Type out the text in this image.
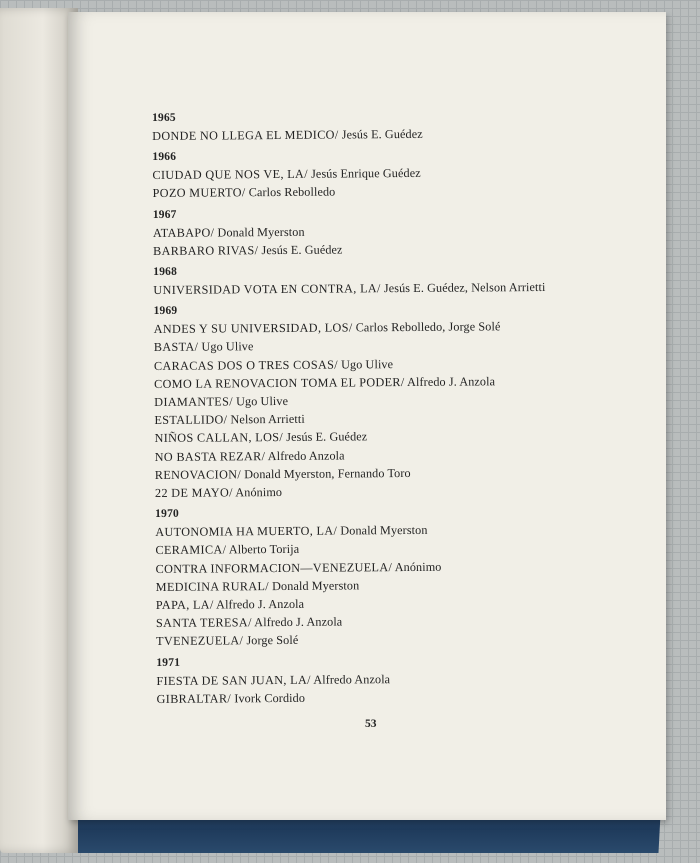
1965
DONDE NO LLEGA EL MEDICO/ Jesús E. Guédez
1966
CIUDAD QUE NOS VE, LA/ Jesús Enrique Guédez
POZO MUERTO/ Carlos Rebolledo
1967
ATABAPO/ Donald Myerston
BARBARO RIVAS/ Jesús E. Guédez
1968
UNIVERSIDAD VOTA EN CONTRA, LA/ Jesús E. Guédez, Nelson Arrietti
1969
ANDES Y SU UNIVERSIDAD, LOS/ Carlos Rebolledo, Jorge Solé
BASTA/ Ugo Ulive
CARACAS DOS O TRES COSAS/ Ugo Ulive
COMO LA RENOVACION TOMA EL PODER/ Alfredo J. Anzola
DIAMANTES/ Ugo Ulive
ESTALLIDO/ Nelson Arrietti
NIÑOS CALLAN, LOS/ Jesús E. Guédez
NO BASTA REZAR/ Alfredo Anzola
RENOVACION/ Donald Myerston, Fernando Toro
22 DE MAYO/ Anónimo
1970
AUTONOMIA HA MUERTO, LA/ Donald Myerston
CERAMICA/ Alberto Torija
CONTRA INFORMACION—VENEZUELA/ Anónimo
MEDICINA RURAL/ Donald Myerston
PAPA, LA/ Alfredo J. Anzola
SANTA TERESA/ Alfredo J. Anzola
TVENEZUELA/ Jorge Solé
1971
FIESTA DE SAN JUAN, LA/ Alfredo Anzola
GIBRALTAR/ Ivork Cordido
53
